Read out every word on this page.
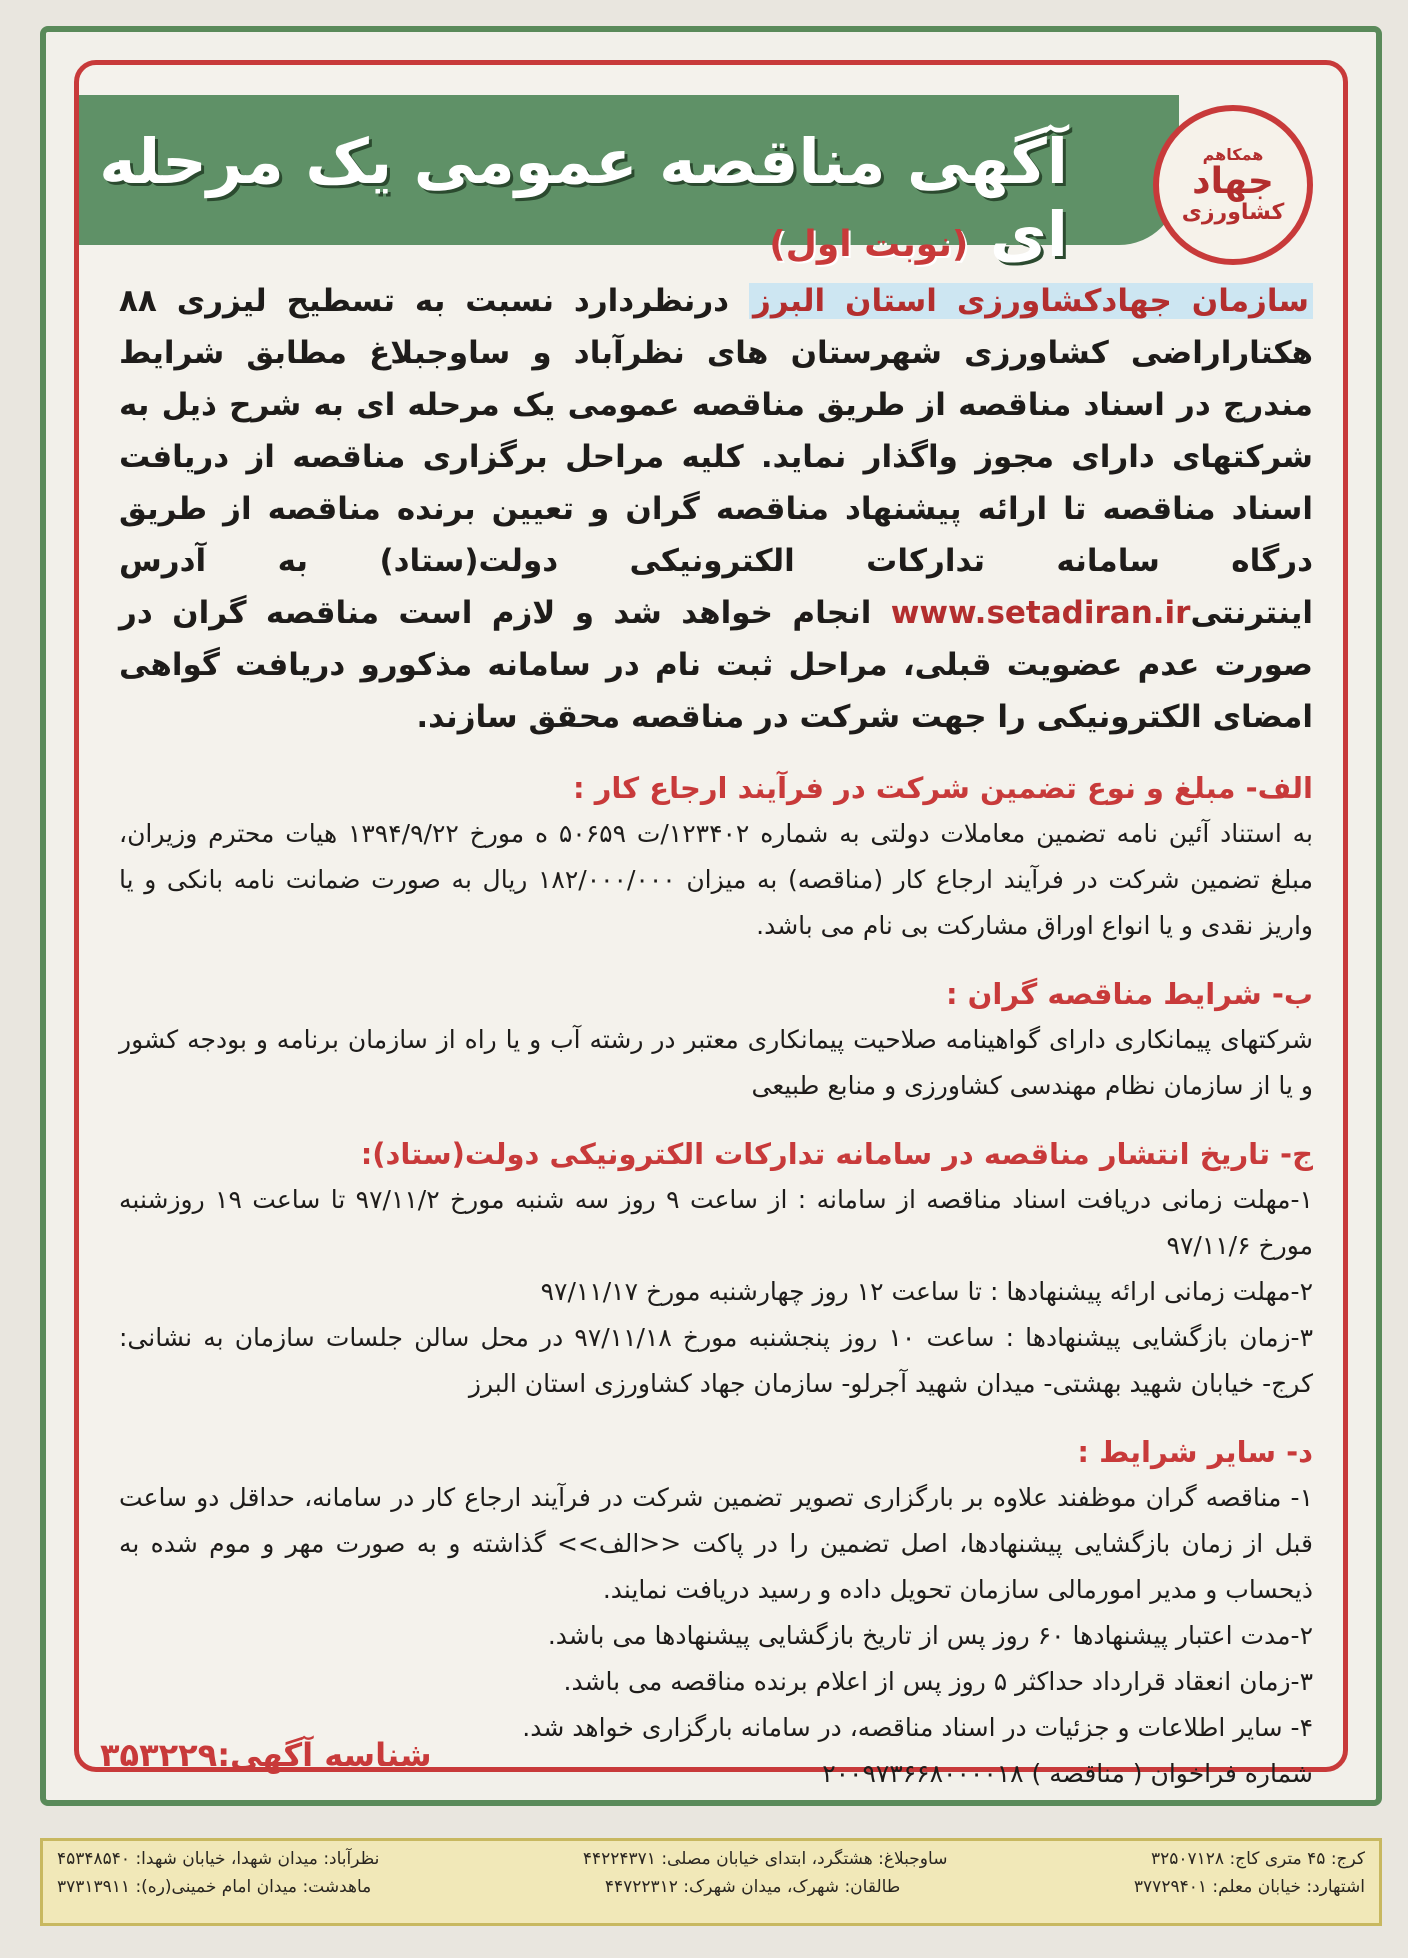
آگهی مناقصه عمومی یک مرحله ای (نوبت اول)
همکاهم
جهاد
کشاورزی

سازمان جهادکشاورزی استان البرز درنظردارد نسبت به تسطیح لیزری ۸۸ هکتاراراضی کشاورزی شهرستان های نظرآباد و ساوجبلاغ مطابق شرایط مندرج در اسناد مناقصه از طریق مناقصه عمومی یک مرحله ای به شرح ذیل به شرکتهای دارای مجوز واگذار نماید. کلیه مراحل برگزاری مناقصه از دریافت اسناد مناقصه تا ارائه پیشنهاد مناقصه گران و تعیین برنده مناقصه از طریق درگاه سامانه تدارکات الکترونیکی دولت(ستاد) به آدرس اینترنتیwww.setadiran.ir انجام خواهد شد و لازم است مناقصه گران در صورت عدم عضویت قبلی، مراحل ثبت نام در سامانه مذکورو دریافت گواهی امضای الکترونیکی را جهت شرکت در مناقصه محقق سازند.

الف- مبلغ و نوع تضمین شرکت در فرآیند ارجاع کار :

به استناد آئین نامه تضمین معاملات دولتی به شماره ۱۲۳۴۰۲/ت ۵۰۶۵۹ ه مورخ ۱۳۹۴/۹/۲۲ هیات محترم وزیران، مبلغ تضمین شرکت در فرآیند ارجاع کار (مناقصه) به میزان ۱۸۲/۰۰۰/۰۰۰ ریال به صورت ضمانت نامه بانکی و یا واریز نقدی و یا انواع اوراق مشارکت بی نام می باشد.

ب- شرایط مناقصه گران :

شرکتهای پیمانکاری دارای گواهینامه صلاحیت پیمانکاری معتبر در رشته آب و یا راه از سازمان برنامه و بودجه کشور و یا از سازمان نظام مهندسی کشاورزی و منابع طبیعی

ج- تاریخ انتشار مناقصه در سامانه تدارکات الکترونیکی دولت(ستاد):

۱-مهلت زمانی دریافت اسناد مناقصه از سامانه : از ساعت ۹ روز سه شنبه مورخ ۹۷/۱۱/۲ تا ساعت ۱۹ روزشنبه مورخ ۹۷/۱۱/۶

۲-مهلت زمانی ارائه پیشنهادها : تا ساعت ۱۲ روز چهارشنبه مورخ ۹۷/۱۱/۱۷

۳-زمان بازگشایی پیشنهادها : ساعت ۱۰ روز پنجشنبه مورخ ۹۷/۱۱/۱۸ در محل سالن جلسات سازمان به نشانی: کرج- خیابان شهید بهشتی- میدان شهید آجرلو- سازمان جهاد کشاورزی استان البرز

د- سایر شرایط :

۱- مناقصه گران موظفند علاوه بر بارگزاری تصویر تضمین شرکت در فرآیند ارجاع کار در سامانه، حداقل دو ساعت قبل از زمان بازگشایی پیشنهادها، اصل تضمین را در پاکت <<الف>> گذاشته و به صورت مهر و موم شده به ذیحساب و مدیر امورمالی سازمان تحویل داده و رسید دریافت نمایند.

۲-مدت اعتبار پیشنهادها ۶۰ روز پس از تاریخ بازگشایی پیشنهادها می باشد.

۳-زمان انعقاد قرارداد حداکثر ۵ روز پس از اعلام برنده مناقصه می باشد.

۴- سایر اطلاعات و جزئیات در اسناد مناقصه، در سامانه بارگزاری خواهد شد.

شماره فراخوان ( مناقصه ) ۲۰۰۹۷۳۶۶۸۰۰۰۰۱۸

شناسه آگهی:۳۵۳۲۲۹
کرج: ۴۵ متری کاج: ۳۲۵۰۷۱۲۸
ساوجبلاغ: هشتگرد، ابتدای خیابان مصلی: ۴۴۲۲۴۳۷۱
نظرآباد: میدان شهدا، خیابان شهدا: ۴۵۳۴۸۵۴۰
اشتهارد: خیابان معلم: ۳۷۷۲۹۴۰۱
طالقان: شهرک، میدان شهرک: ۴۴۷۲۲۳۱۲
ماهدشت: میدان امام خمینی(ره): ۳۷۳۱۳۹۱۱
